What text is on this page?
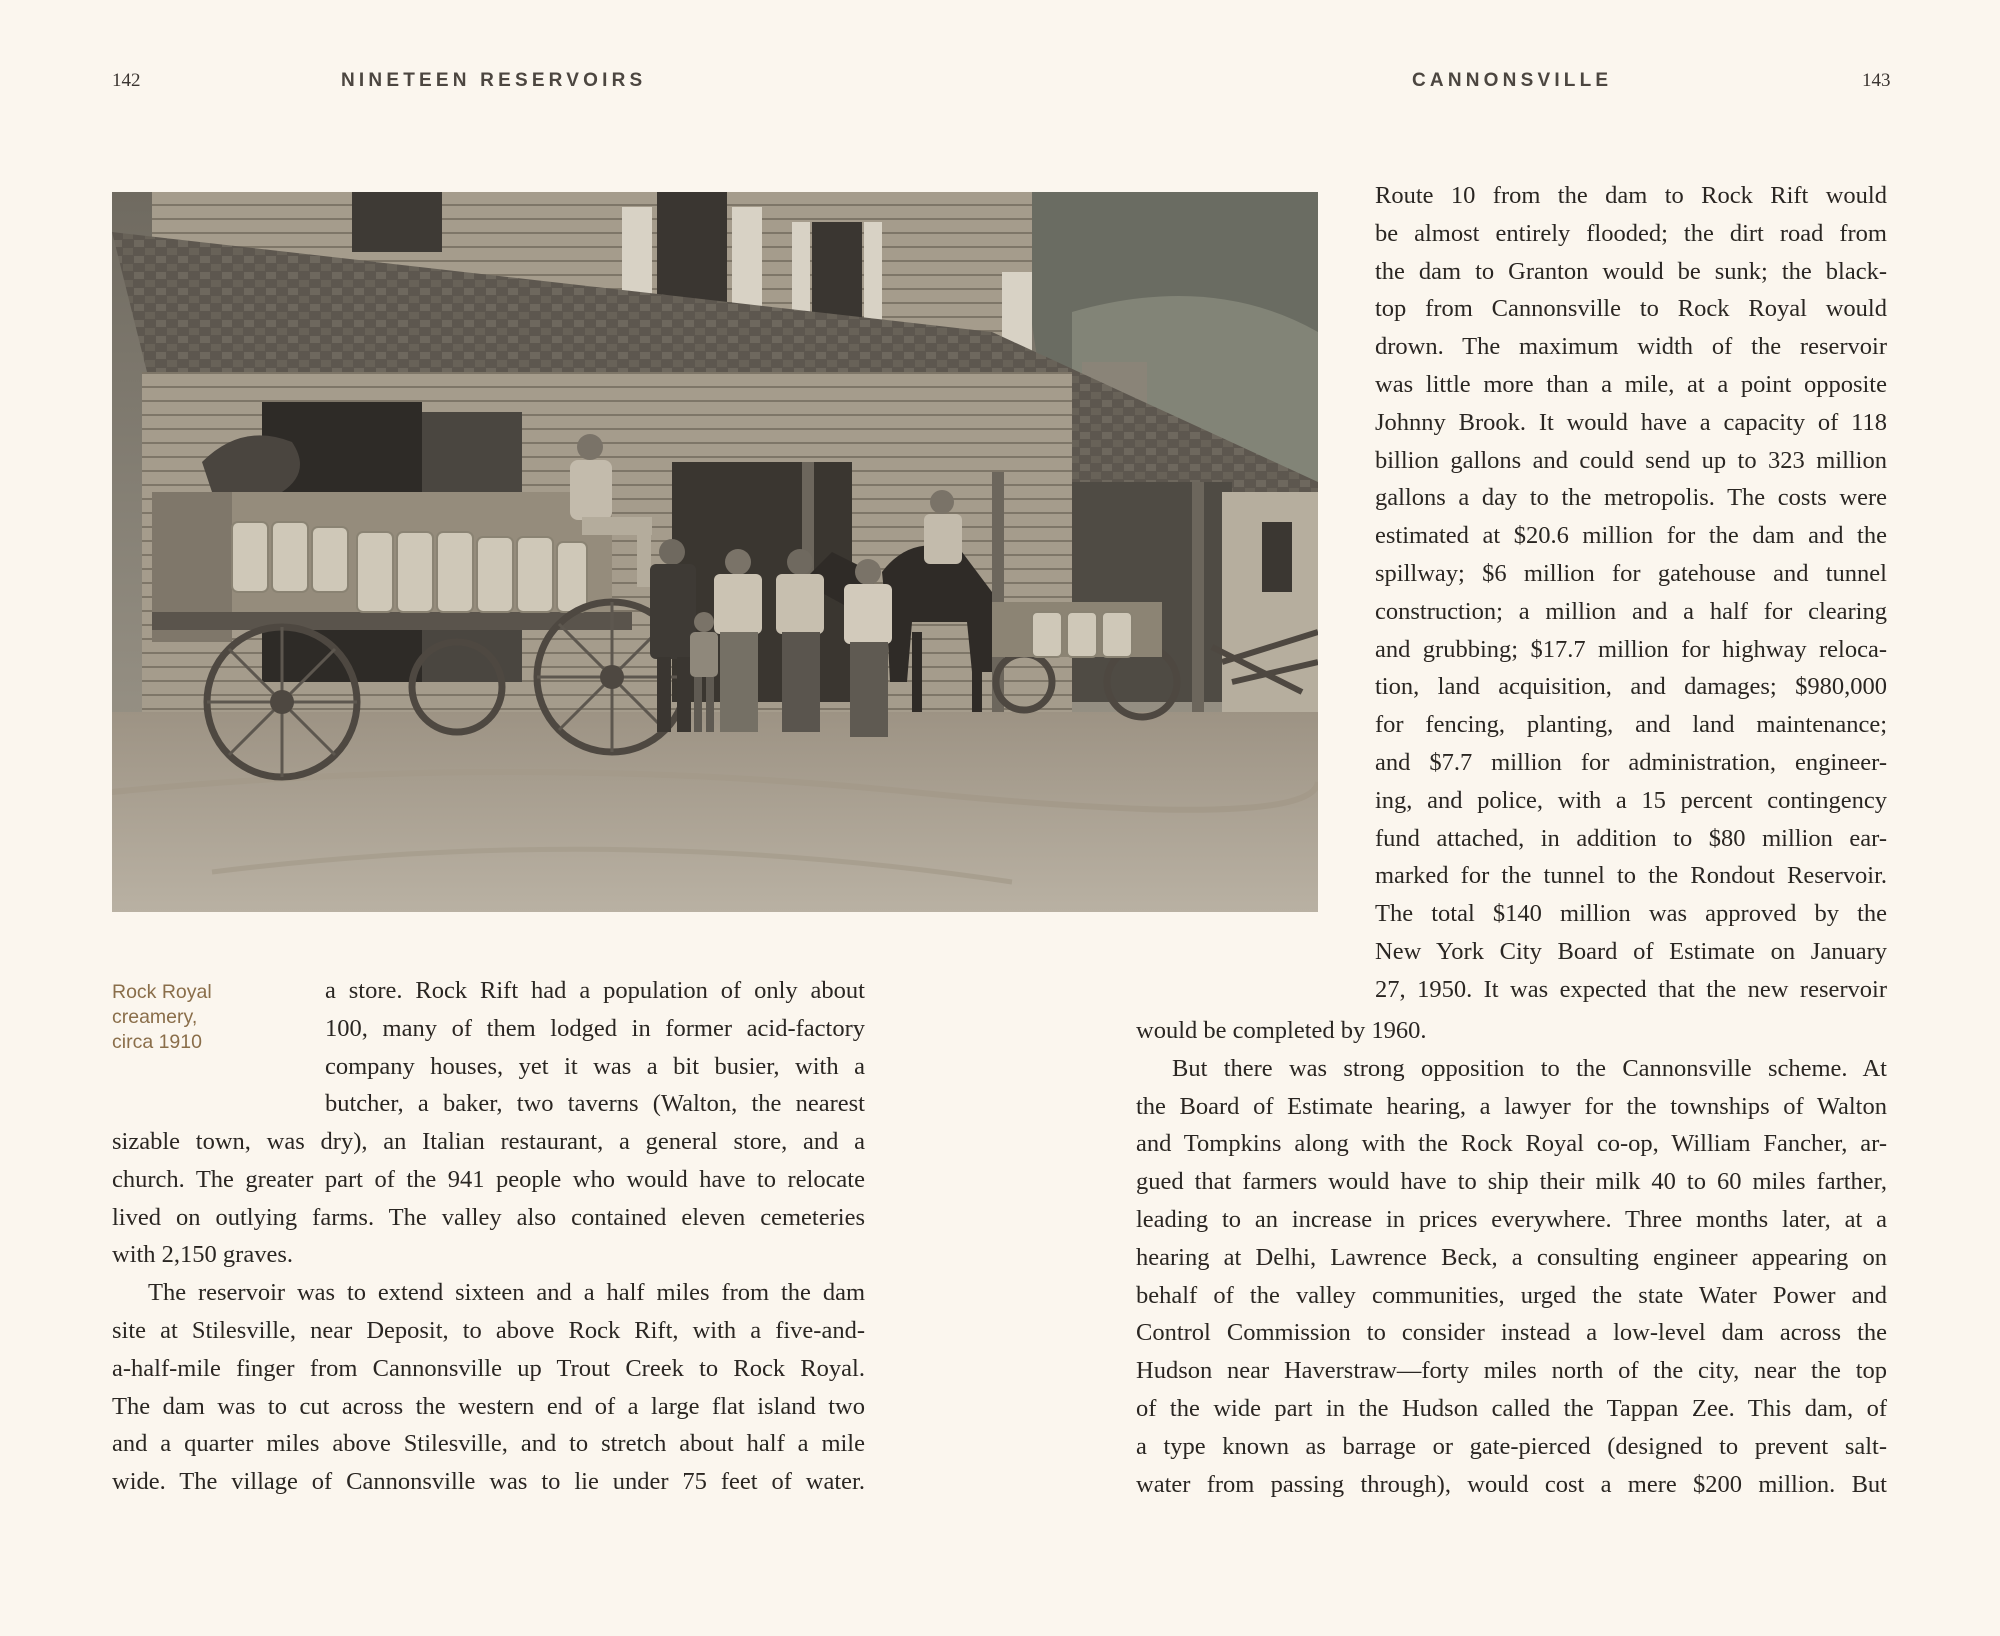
142	NINETEEN RESERVOIRS	CANNONSVILLE	143
Rock Royal
creamery,
circa 1910
a store. Rock Rift had a population of only about
100, many of them lodged in former acid-factory
company houses, yet it was a bit busier, with a
butcher, a baker, two taverns (Walton, the nearest
sizable town, was dry), an Italian restaurant, a general store, and a
church. The greater part of the 941 people who would have to relocate
lived on outlying farms. The valley also contained eleven cemeteries
with 2,150 graves.
The reservoir was to extend sixteen and a half miles from the dam
site at Stilesville, near Deposit, to above Rock Rift, with a five-and-
a-half-mile finger from Cannonsville up Trout Creek to Rock Royal.
The dam was to cut across the western end of a large flat island two
and a quarter miles above Stilesville, and to stretch about half a mile
wide. The village of Cannonsville was to lie under 75 feet of water.
Route 10 from the dam to Rock Rift would
be almost entirely flooded; the dirt road from
the dam to Granton would be sunk; the black-
top from Cannonsville to Rock Royal would
drown. The maximum width of the reservoir
was little more than a mile, at a point opposite
Johnny Brook. It would have a capacity of 118
billion gallons and could send up to 323 million
gallons a day to the metropolis. The costs were
estimated at $20.6 million for the dam and the
spillway; $6 million for gatehouse and tunnel
construction; a million and a half for clearing
and grubbing; $17.7 million for highway reloca-
tion, land acquisition, and damages; $980,000
for fencing, planting, and land maintenance;
and $7.7 million for administration, engineer-
ing, and police, with a 15 percent contingency
fund attached, in addition to $80 million ear-
marked for the tunnel to the Rondout Reservoir.
The total $140 million was approved by the
New York City Board of Estimate on January
27, 1950. It was expected that the new reservoir
would be completed by 1960.
But there was strong opposition to the Cannonsville scheme. At
the Board of Estimate hearing, a lawyer for the townships of Walton
and Tompkins along with the Rock Royal co-op, William Fancher, ar-
gued that farmers would have to ship their milk 40 to 60 miles farther,
leading to an increase in prices everywhere. Three months later, at a
hearing at Delhi, Lawrence Beck, a consulting engineer appearing on
behalf of the valley communities, urged the state Water Power and
Control Commission to consider instead a low-level dam across the
Hudson near Haverstraw—forty miles north of the city, near the top
of the wide part in the Hudson called the Tappan Zee. This dam, of
a type known as barrage or gate-pierced (designed to prevent salt-
water from passing through), would cost a mere $200 million. But
